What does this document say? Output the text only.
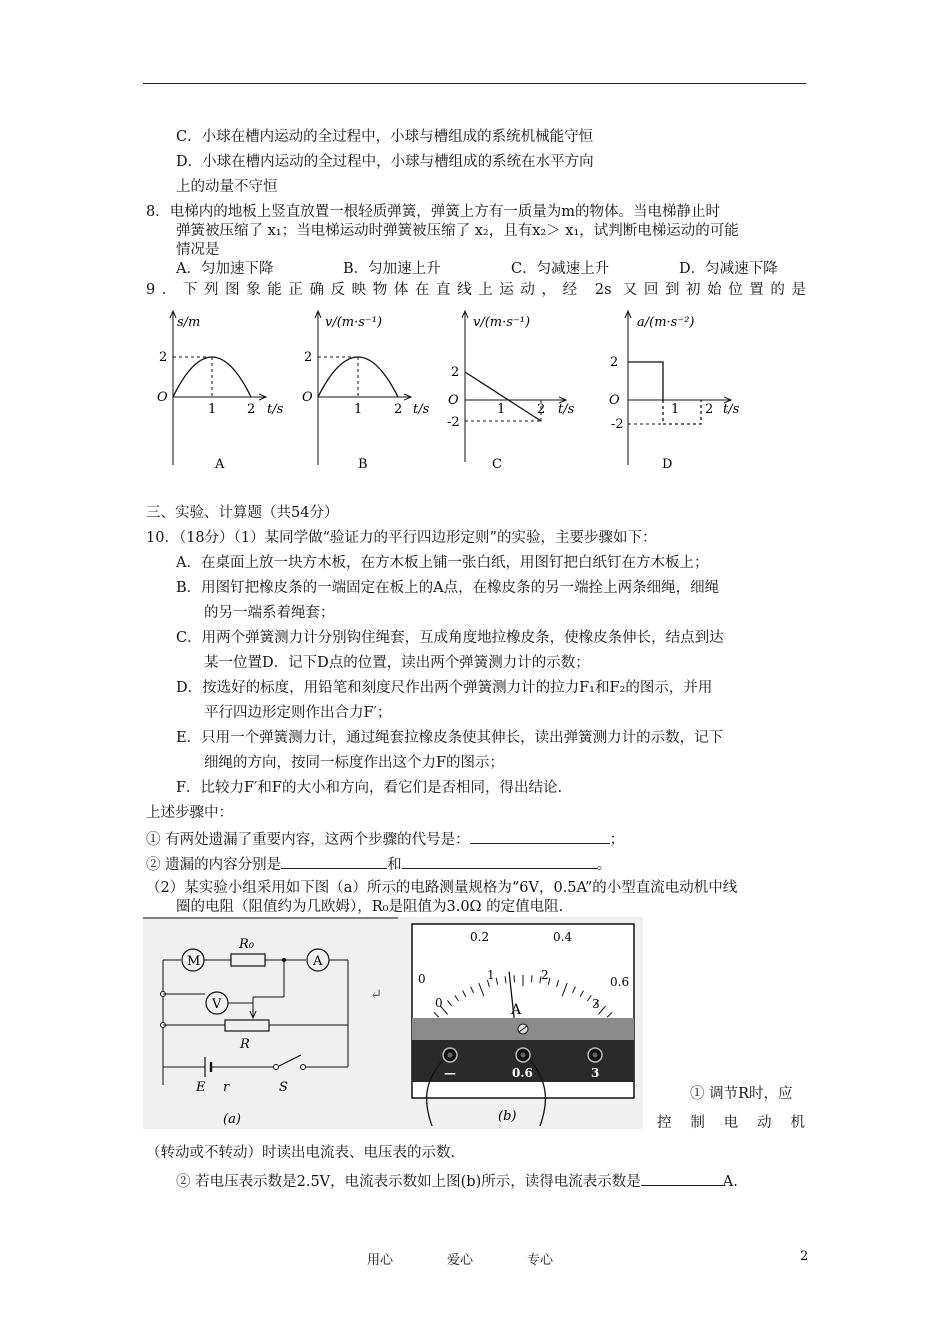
C．小球在槽内运动的全过程中，小球与槽组成的系统机械能守恒
D．小球在槽内运动的全过程中，小球与槽组成的系统在水平方向
上的动量不守恒
8．电梯内的地板上竖直放置一根轻质弹簧，弹簧上方有一质量为m的物体。当电梯静止时
弹簧被压缩了 x₁；当电梯运动时弹簧被压缩了 x₂，且有x₂＞ x₁，试判断电梯运动的可能
情况是
A．匀加速下降	B．匀加速上升	C．匀减速上升	D．匀减速下降
9．下列图象能正确反映物体在直线上运动，经 2s 又回到初始位置的是
s/m
2
O
1 2 t/s
A
v/(m·s⁻¹)
2
O
1 2 t/s
B
v/(m·s⁻¹)
2
O
-2
1 2 t/s
C
a/(m·s⁻²)
2
O
-2
1 2 t/s
D
三、实验、计算题（共54分）
10．（18分）（1）某同学做“验证力的平行四边形定则”的实验，主要步骤如下：
A．在桌面上放一块方木板，在方木板上铺一张白纸，用图钉把白纸钉在方木板上；
B．用图钉把橡皮条的一端固定在板上的A点，在橡皮条的另一端拴上两条细绳，细绳
的另一端系着绳套；
C．用两个弹簧测力计分别钩住绳套，互成角度地拉橡皮条，使橡皮条伸长，结点到达
某一位置D．记下D点的位置，读出两个弹簧测力计的示数；
D．按选好的标度，用铅笔和刻度尺作出两个弹簧测力计的拉力F₁和F₂的图示，并用
平行四边形定则作出合力F′；
E．只用一个弹簧测力计，通过绳套拉橡皮条使其伸长，读出弹簧测力计的示数，记下
细绳的方向，按同一标度作出这个力F的图示；
F．比较力F′和F的大小和方向，看它们是否相同，得出结论.
上述步骤中：
① 有两处遗漏了重要内容，这两个步骤的代号是：	；
② 遗漏的内容分别是	和	。
（2）某实验小组采用如下图（a）所示的电路测量规格为“6V，0.5A”的小型直流电动机中线
圈的电阻（阻值约为几欧姆），R₀是阻值为3.0Ω 的定值电阻.
M
R₀
A
V
R
E r	S
(a)
↵
0
0.2	0.4
0.6
0
1	2
3
A
—	0.6	3
(b)
① 调节R时，应
控 制 电 动 机
（转动或不转动）时读出电流表、电压表的示数.
② 若电压表示数是2.5V，电流表示数如上图(b)所示，读得电流表示数是	A.
用心	爱心	专心	2
